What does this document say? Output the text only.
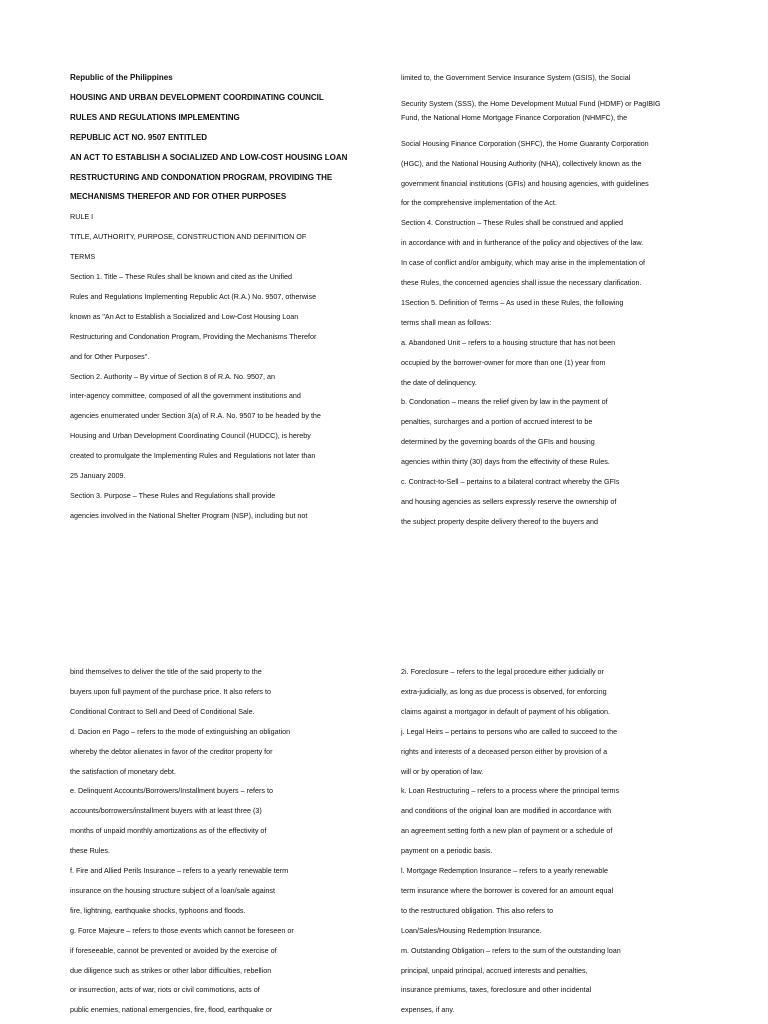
Republic of the Philippines
HOUSING AND URBAN DEVELOPMENT COORDINATING COUNCIL
RULES AND REGULATIONS IMPLEMENTING
REPUBLIC ACT NO. 9507 ENTITLED
AN ACT TO ESTABLISH A SOCIALIZED AND LOW-COST HOUSING LOAN
RESTRUCTURING AND CONDONATION PROGRAM, PROVIDING THE
MECHANISMS THEREFOR AND FOR OTHER PURPOSES
RULE I
TITLE, AUTHORITY, PURPOSE, CONSTRUCTION AND DEFINITION OF
TERMS
Section 1. Title – These Rules shall be known and cited as the Unified
Rules and Regulations Implementing Republic Act (R.A.) No. 9507, otherwise
known as "An Act to Establish a Socialized and Low-Cost Housing Loan
Restructuring and Condonation Program, Providing the Mechanisms Therefor
and for Other Purposes".
Section 2. Authority – By virtue of Section 8 of R.A. No. 9507, an
inter-agency committee, composed of all the government institutions and
agencies enumerated under Section 3(a) of R.A. No. 9507 to be headed by the
Housing and Urban Development Coordinating Council (HUDCC), is hereby
created to promulgate the Implementing Rules and Regulations not later than
25 January 2009.
Section 3. Purpose – These Rules and Regulations shall provide
agencies involved in the National Shelter Program (NSP), including but not
limited to, the Government Service Insurance System (GSIS), the Social
Security System (SSS), the Home Development Mutual Fund (HDMF) or PagIBIG
Fund, the National Home Mortgage Finance Corporation (NHMFC), the
Social Housing Finance Corporation (SHFC), the Home Guaranty Corporation
(HGC), and the National Housing Authority (NHA), collectively known as the
government financial institutions (GFIs) and housing agencies, with guidelines
for the comprehensive implementation of the Act.
Section 4. Construction – These Rules shall be construed and applied
in accordance with and in furtherance of the policy and objectives of the law.
In case of conflict and/or ambiguity, which may arise in the implementation of
these Rules, the concerned agencies shall issue the necessary clarification.
1Section 5. Definition of Terms – As used in these Rules, the following
terms shall mean as follows:
a. Abandoned Unit – refers to a housing structure that has not been
occupied by the borrower-owner for more than one (1) year from
the date of delinquency.
b. Condonation – means the relief given by law in the payment of
penalties, surcharges and a portion of accrued interest to be
determined by the governing boards of the GFIs and housing
agencies within thirty (30) days from the effectivity of these Rules.
c. Contract-to-Sell – pertains to a bilateral contract whereby the GFIs
and housing agencies as sellers expressly reserve the ownership of
the subject property despite delivery thereof to the buyers and
bind themselves to deliver the title of the said property to the
buyers upon full payment of the purchase price. It also refers to
Conditional Contract to Sell and Deed of Conditional Sale.
d. Dacion en Pago – refers to the mode of extinguishing an obligation
whereby the debtor alienates in favor of the creditor property for
the satisfaction of monetary debt.
e. Delinquent Accounts/Borrowers/Installment buyers – refers to
accounts/borrowers/installment buyers with at least three (3)
months of unpaid monthly amortizations as of the effectivity of
these Rules.
f. Fire and Allied Perils Insurance – refers to a yearly renewable term
insurance on the housing structure subject of a loan/sale against
fire, lightning, earthquake shocks, typhoons and floods.
g. Force Majeure – refers to those events which cannot be foreseen or
if foreseeable, cannot be prevented or avoided by the exercise of
due diligence such as strikes or other labor difficulties, rebellion
or insurrection, acts of war, riots or civil commotions, acts of
public enemies, national emergencies, fire, flood, earthquake or
2i. Foreclosure – refers to the legal procedure either judicially or
extra-judicially, as long as due process is observed, for enforcing
claims against a mortgagor in default of payment of his obligation.
j. Legal Heirs – pertains to persons who are called to succeed to the
rights and interests of a deceased person either by provision of a
will or by operation of law.
k. Loan Restructuring – refers to a process where the principal terms
and conditions of the original loan are modified in accordance with
an agreement setting forth a new plan of payment or a schedule of
payment on a periodic basis.
l. Mortgage Redemption Insurance – refers to a yearly renewable
term insurance where the borrower is covered for an amount equal
to the restructured obligation. This also refers to
Loan/Sales/Housing Redemption Insurance.
m. Outstanding Obligation – refers to the sum of the outstanding loan
principal, unpaid principal, accrued interests and penalties,
insurance premiums, taxes, foreclosure and other incidental
expenses, if any.
